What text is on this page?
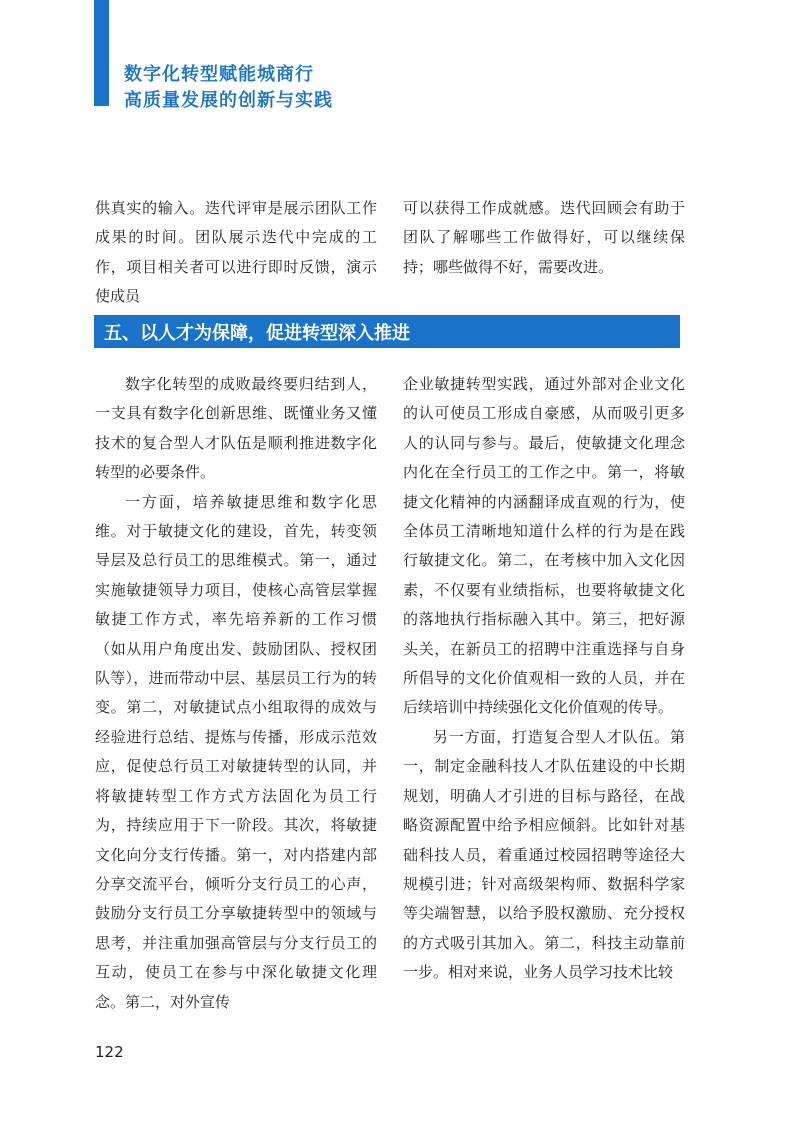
数字化转型赋能城商行
高质量发展的创新与实践

供真实的输入。迭代评审是展示团队工作成果的时间。团队展示迭代中完成的工作，项目相关者可以进行即时反馈，演示使成员

可以获得工作成就感。迭代回顾会有助于团队了解哪些工作做得好，可以继续保持；哪些做得不好，需要改进。

五、以人才为保障，促进转型深入推进

数字化转型的成败最终要归结到人，一支具有数字化创新思维、既懂业务又懂技术的复合型人才队伍是顺利推进数字化转型的必要条件。

一方面，培养敏捷思维和数字化思维。对于敏捷文化的建设，首先，转变领导层及总行员工的思维模式。第一，通过实施敏捷领导力项目，使核心高管层掌握敏捷工作方式，率先培养新的工作习惯（如从用户角度出发、鼓励团队、授权团队等），进而带动中层、基层员工行为的转变。第二，对敏捷试点小组取得的成效与经验进行总结、提炼与传播，形成示范效应，促使总行员工对敏捷转型的认同，并将敏捷转型工作方式方法固化为员工行为，持续应用于下一阶段。其次，将敏捷文化向分支行传播。第一，对内搭建内部分享交流平台，倾听分支行员工的心声，鼓励分支行员工分享敏捷转型中的领域与思考，并注重加强高管层与分支行员工的互动，使员工在参与中深化敏捷文化理念。第二，对外宣传

企业敏捷转型实践，通过外部对企业文化的认可使员工形成自豪感，从而吸引更多人的认同与参与。最后，使敏捷文化理念内化在全行员工的工作之中。第一，将敏捷文化精神的内涵翻译成直观的行为，使全体员工清晰地知道什么样的行为是在践行敏捷文化。第二，在考核中加入文化因素，不仅要有业绩指标，也要将敏捷文化的落地执行指标融入其中。第三，把好源头关，在新员工的招聘中注重选择与自身所倡导的文化价值观相一致的人员，并在后续培训中持续强化文化价值观的传导。

另一方面，打造复合型人才队伍。第一，制定金融科技人才队伍建设的中长期规划，明确人才引进的目标与路径，在战略资源配置中给予相应倾斜。比如针对基础科技人员，着重通过校园招聘等途径大规模引进；针对高级架构师、数据科学家等尖端智慧，以给予股权激励、充分授权的方式吸引其加入。第二，科技主动靠前一步。相对来说，业务人员学习技术比较

122
